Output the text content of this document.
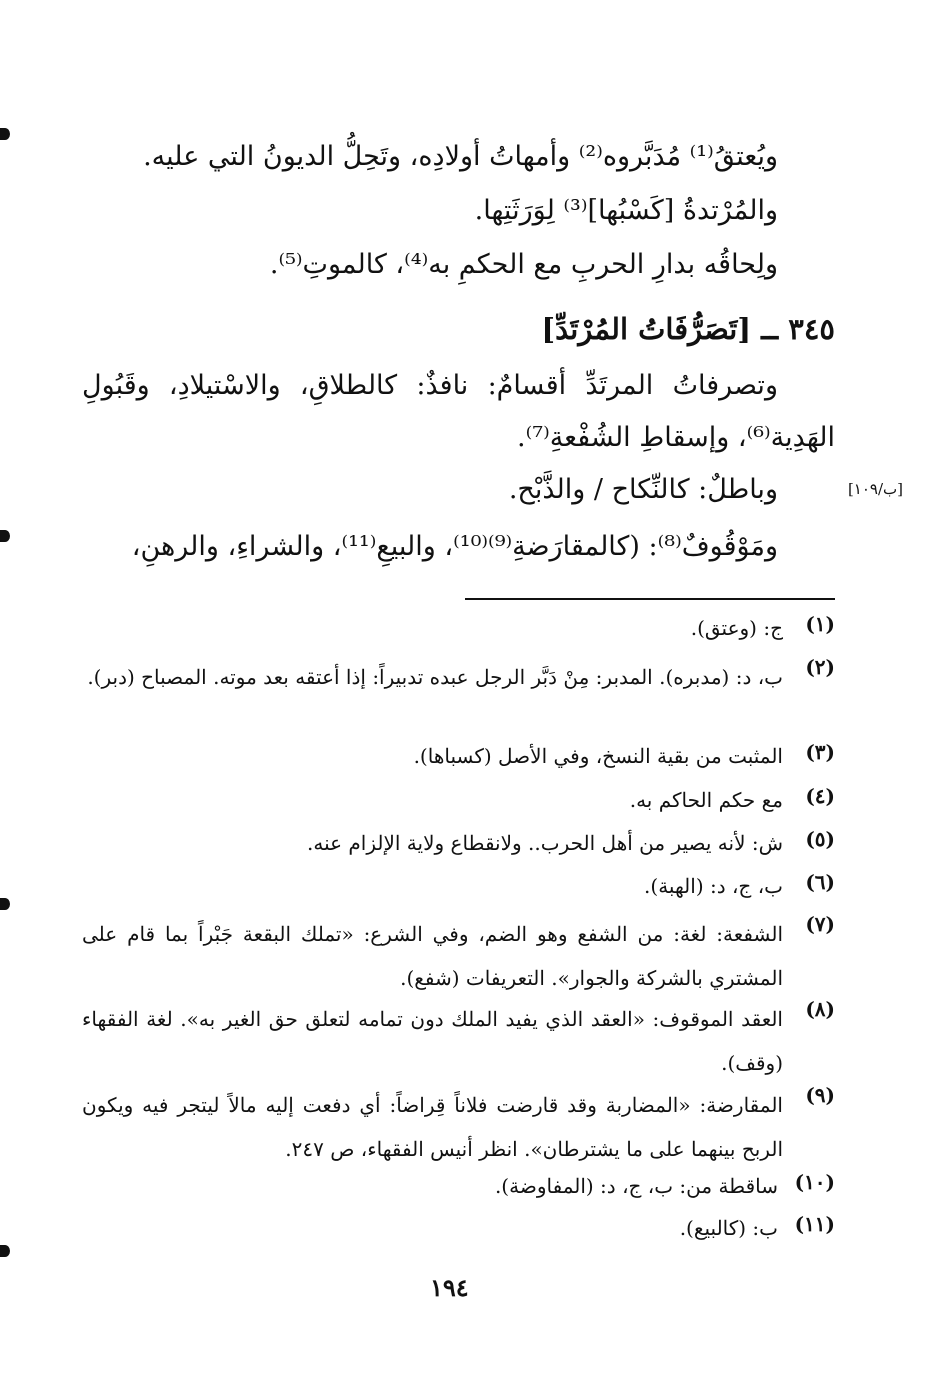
ويُعتقُ⁽¹⁾ مُدَبَّروه⁽²⁾ وأمهاتُ أولادِه، وتَحِلُّ الديونُ التي عليه.
والمُرْتدةُ [كَسْبُها]⁽³⁾ لِوَرَثَتِها.
ولِحاقُه بدارِ الحربِ مع الحكمِ به⁽⁴⁾، كالموتِ⁽⁵⁾.
٣٤٥ ــ [تَصَرُّفَاتُ المُرْتَدِّ]
وتصرفاتُ المرتَدِّ أقسامٌ: نافذٌ: كالطلاقِ، والاسْتيلادِ، وقَبُولِ
الهَدِية⁽⁶⁾، وإسقاطِ الشُفْعةِ⁽⁷⁾.
وباطلٌ: كالنِّكاح / والذَّبْح.	[ب/١٠٩]
ومَوْقُوفٌ⁽⁸⁾: (كالمقارَضةِ⁽⁹⁾⁽¹⁰⁾، والبيعِ⁽¹¹⁾، والشراءِ، والرهنِ،
(١)
ج: (وعتق).
(٢)
ب، د: (مدبره). المدبر: مِنْ دَبَّر الرجل عبده تدبيراً: إذا أعتقه بعد موته. المصباح (دبر).
(٣)
المثبت من بقية النسخ، وفي الأصل (كسباها).
(٤)
مع حكم الحاكم به.
(٥)
ش: لأنه يصير من أهل الحرب.. ولانقطاع ولاية الإلزام عنه.
(٦)
ب، ج، د: (الهبة).
(٧)
الشفعة: لغة: من الشفع وهو الضم، وفي الشرع: «تملك البقعة جَبْراً بما قام على المشتري بالشركة والجوار». التعريفات (شفع).
(٨)
العقد الموقوف: «العقد الذي يفيد الملك دون تمامه لتعلق حق الغير به». لغة الفقهاء (وقف).
(٩)
المقارضة: «المضاربة وقد قارضت فلاناً قِراضاً: أي دفعت إليه مالاً ليتجر فيه ويكون الربح بينهما على ما يشترطان». انظر أنيس الفقهاء، ص ٢٤٧.
(١٠)
ساقطة من: ب، ج، د: (المفاوضة).
(١١)
ب: (كالبيع).
١٩٤
